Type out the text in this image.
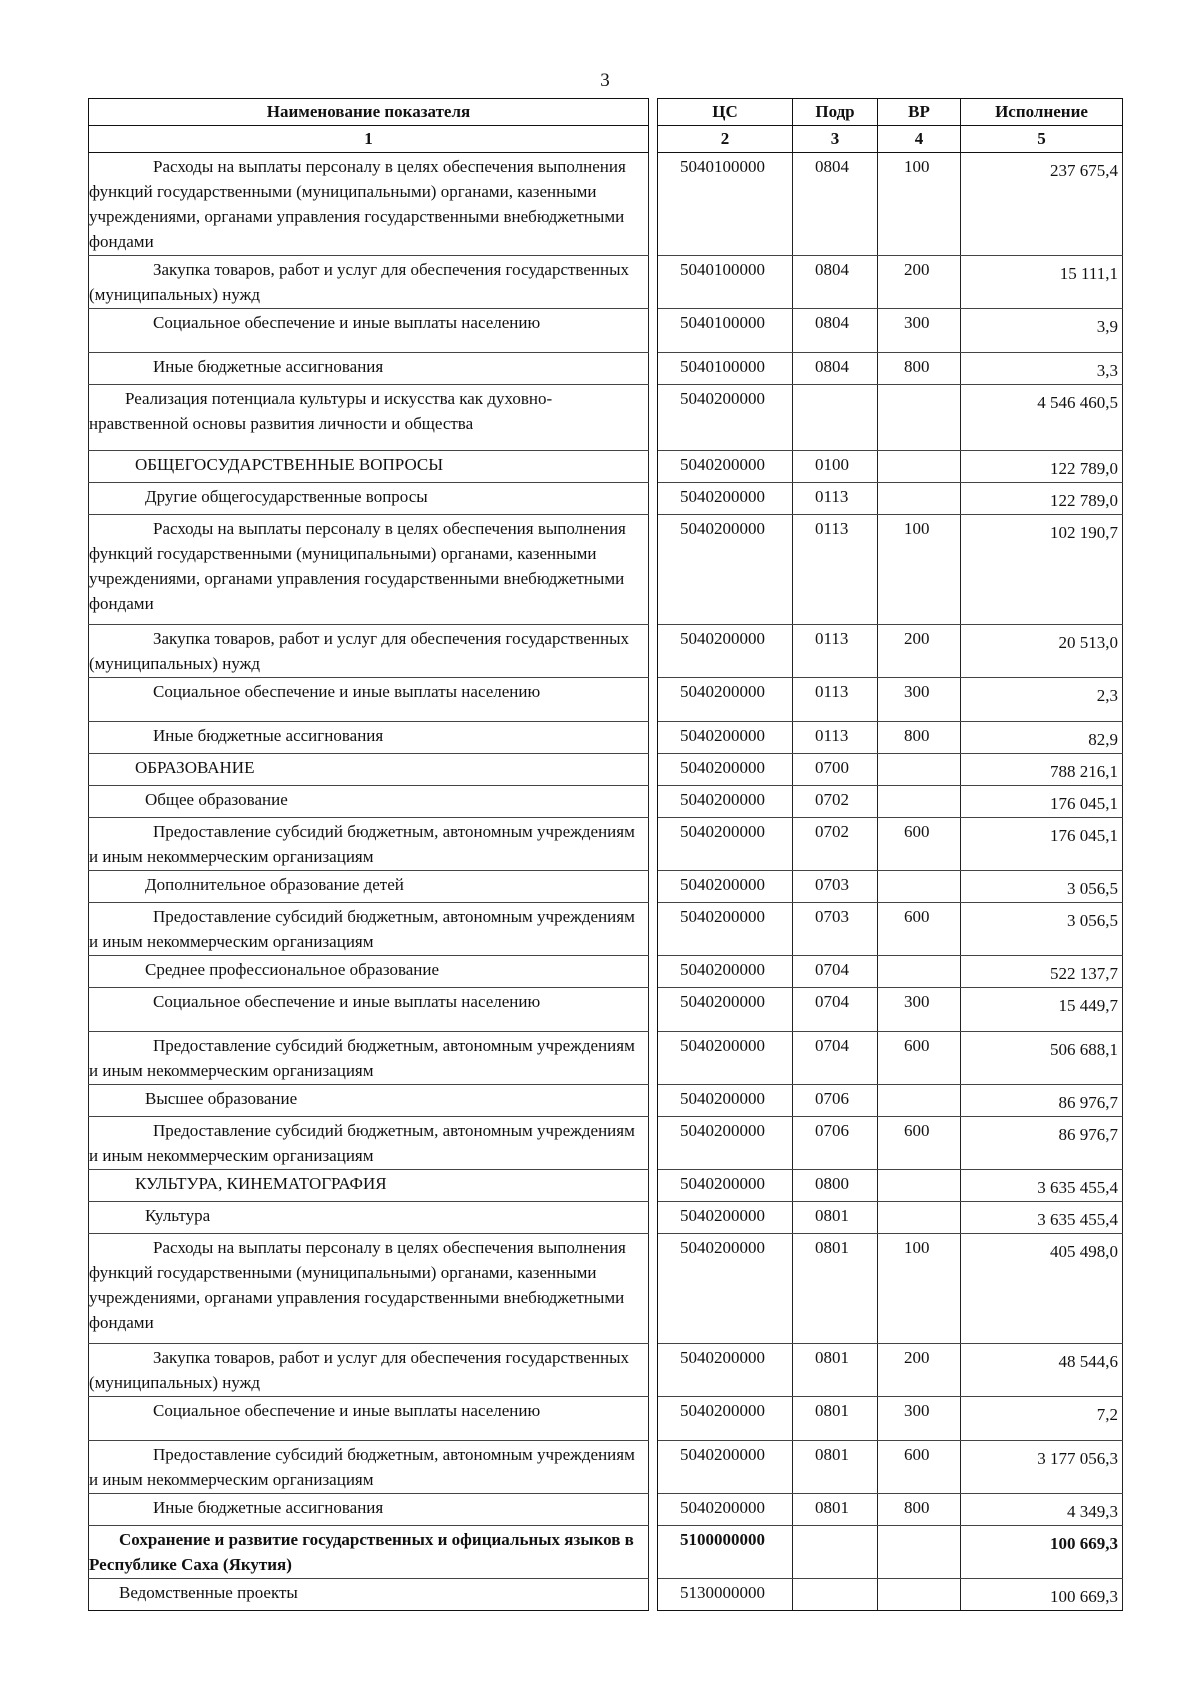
3
Наименование показателя		ЦС	Подр	ВР	Исполнение
1		2	3	4	5
Расходы на выплаты персоналу в целях обеспечения выполнения функций государственными (муниципальными) органами, казенными учреждениями, органами управления государственными внебюджетными фондами		5040100000	0804	100	237 675,4
Закупка товаров, работ и услуг для обеспечения государственных (муниципальных) нужд		5040100000	0804	200	15 111,1
Социальное обеспечение и иные выплаты населению		5040100000	0804	300	3,9
Иные бюджетные ассигнования		5040100000	0804	800	3,3
Реализация потенциала культуры и искусства как духовно-нравственной основы развития личности и общества		5040200000			4 546 460,5
ОБЩЕГОСУДАРСТВЕННЫЕ ВОПРОСЫ		5040200000	0100		122 789,0
Другие общегосударственные вопросы		5040200000	0113		122 789,0
Расходы на выплаты персоналу в целях обеспечения выполнения функций государственными (муниципальными) органами, казенными учреждениями, органами управления государственными внебюджетными фондами		5040200000	0113	100	102 190,7
Закупка товаров, работ и услуг для обеспечения государственных (муниципальных) нужд		5040200000	0113	200	20 513,0
Социальное обеспечение и иные выплаты населению		5040200000	0113	300	2,3
Иные бюджетные ассигнования		5040200000	0113	800	82,9
ОБРАЗОВАНИЕ		5040200000	0700		788 216,1
Общее образование		5040200000	0702		176 045,1
Предоставление субсидий бюджетным, автономным учреждениям и иным некоммерческим организациям		5040200000	0702	600	176 045,1
Дополнительное образование детей		5040200000	0703		3 056,5
Предоставление субсидий бюджетным, автономным учреждениям и иным некоммерческим организациям		5040200000	0703	600	3 056,5
Среднее профессиональное образование		5040200000	0704		522 137,7
Социальное обеспечение и иные выплаты населению		5040200000	0704	300	15 449,7
Предоставление субсидий бюджетным, автономным учреждениям и иным некоммерческим организациям		5040200000	0704	600	506 688,1
Высшее образование		5040200000	0706		86 976,7
Предоставление субсидий бюджетным, автономным учреждениям и иным некоммерческим организациям		5040200000	0706	600	86 976,7
КУЛЬТУРА, КИНЕМАТОГРАФИЯ		5040200000	0800		3 635 455,4
Культура		5040200000	0801		3 635 455,4
Расходы на выплаты персоналу в целях обеспечения выполнения функций государственными (муниципальными) органами, казенными учреждениями, органами управления государственными внебюджетными фондами		5040200000	0801	100	405 498,0
Закупка товаров, работ и услуг для обеспечения государственных (муниципальных) нужд		5040200000	0801	200	48 544,6
Социальное обеспечение и иные выплаты населению		5040200000	0801	300	7,2
Предоставление субсидий бюджетным, автономным учреждениям и иным некоммерческим организациям		5040200000	0801	600	3 177 056,3
Иные бюджетные ассигнования		5040200000	0801	800	4 349,3
Сохранение и развитие государственных и официальных языков в Республике Саха (Якутия)		5100000000			100 669,3
Ведомственные проекты		5130000000			100 669,3
